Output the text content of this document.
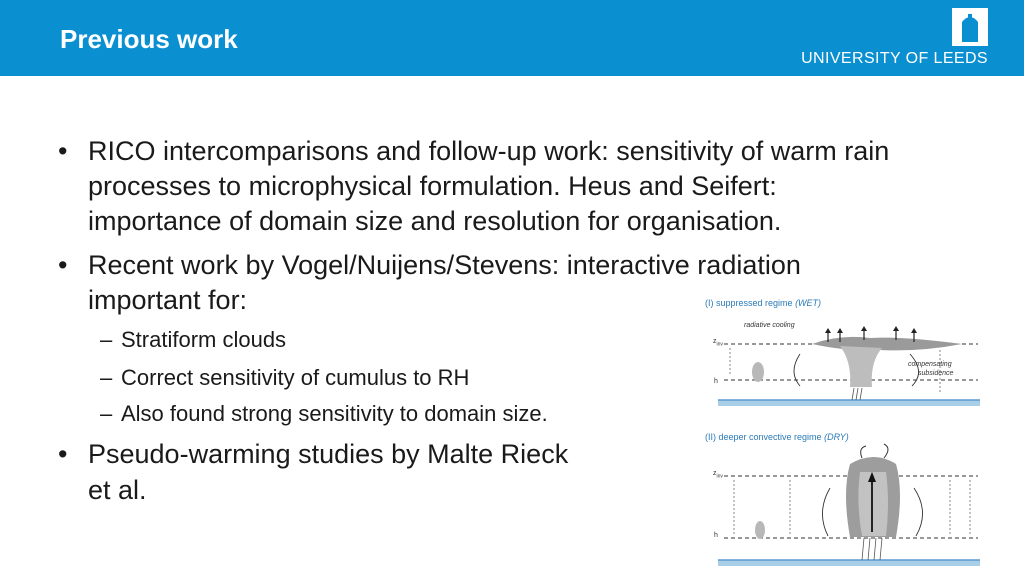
Previous work
UNIVERSITY OF LEEDS
• RICO intercomparisons and follow-up work: sensitivity of warm rain
processes to microphysical formulation. Heus and Seifert:
importance of domain size and resolution for organisation.
• Recent work by Vogel/Nuijens/Stevens: interactive radiation
important for:
– Stratiform clouds
– Correct sensitivity of cumulus to RH
– Also found strong sensitivity to domain size.
• Pseudo-warming studies by Malte Rieck
et al.
(I) suppressed regime (WET)
radiative cooling
compensating
subsidence
$z_{inv}$
h
(II) deeper convective regime (DRY)
$z_{inv}$
h
